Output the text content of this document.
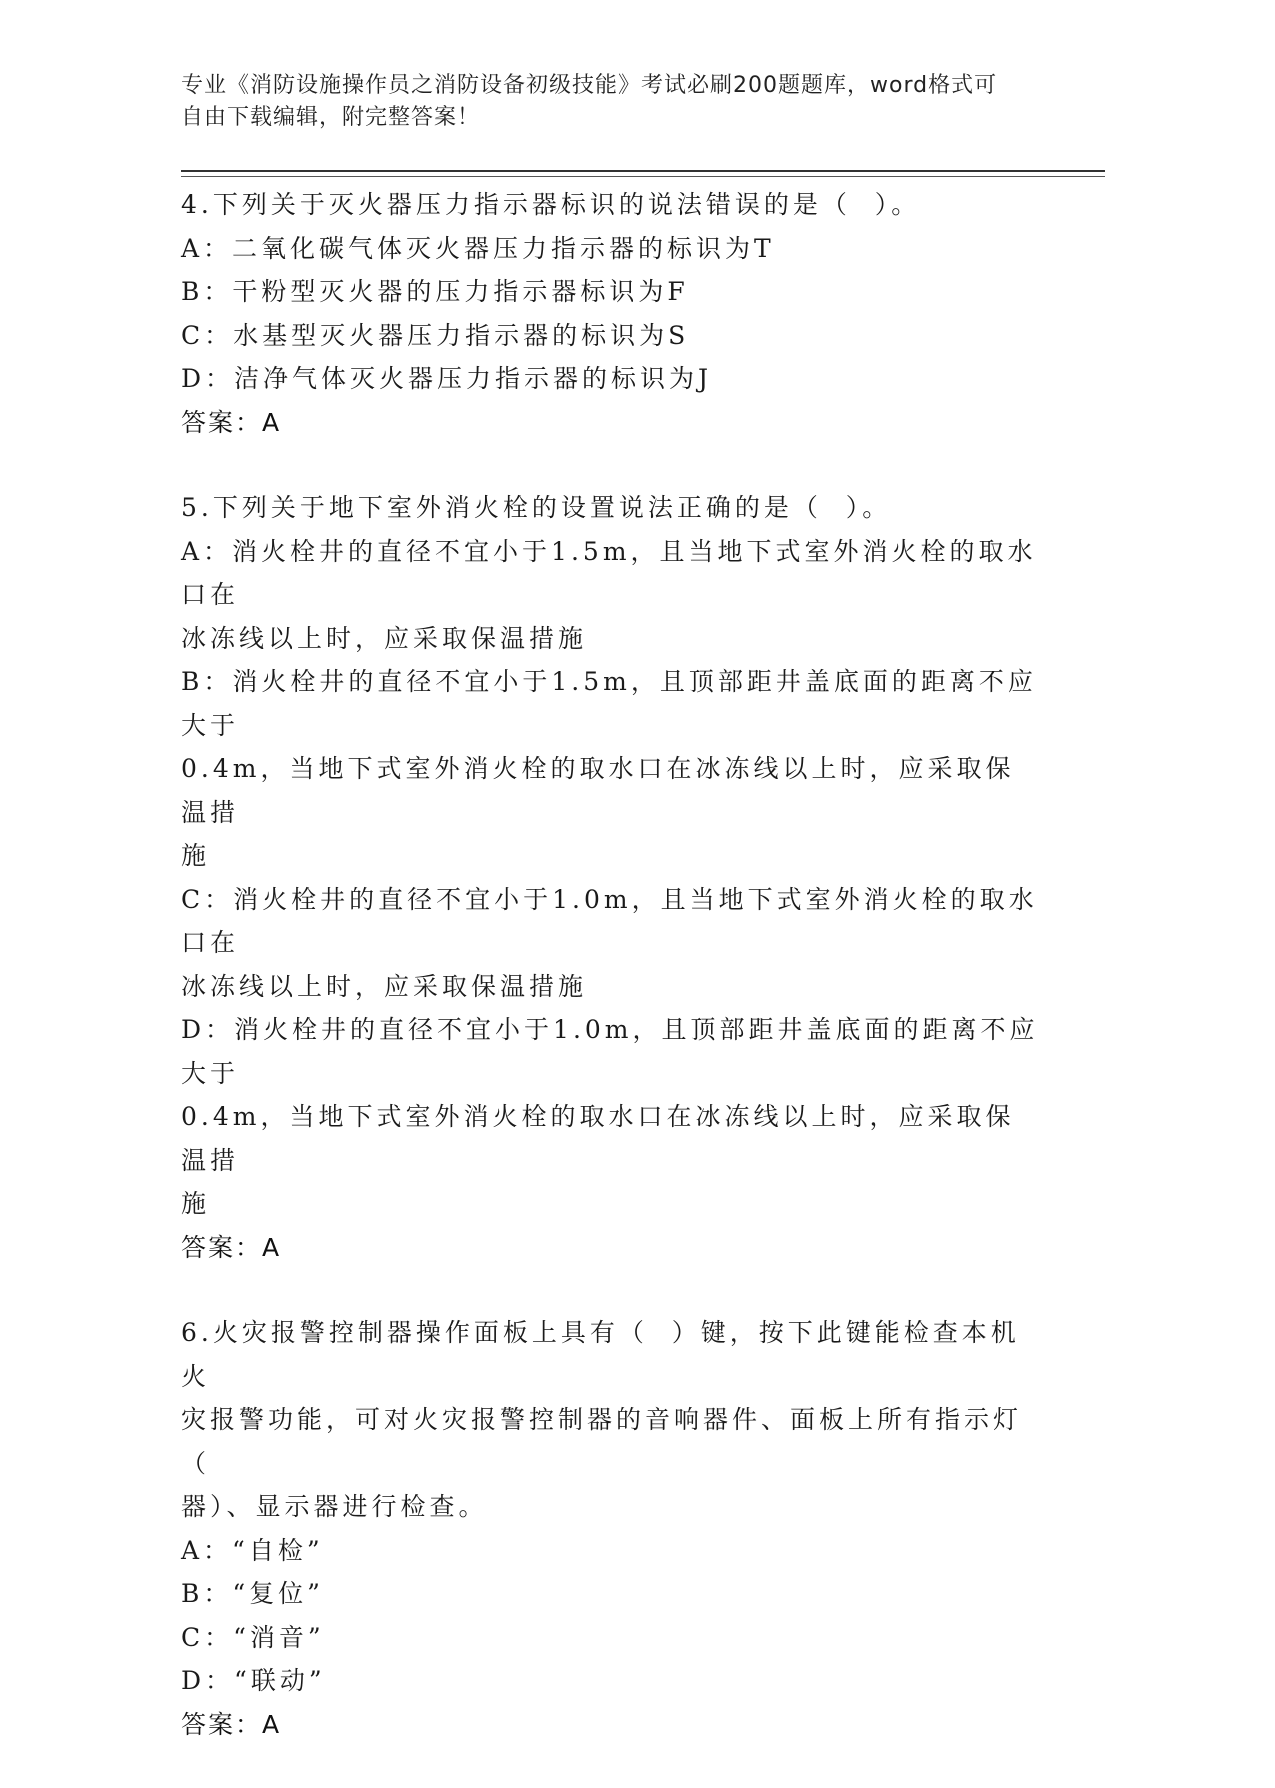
专业《消防设施操作员之消防设备初级技能》考试必刷200题题库，word格式可
自由下载编辑，附完整答案！
4.下列关于灭火器压力指示器标识的说法错误的是（  ）。
A：二氧化碳气体灭火器压力指示器的标识为T
B：干粉型灭火器的压力指示器标识为F
C：水基型灭火器压力指示器的标识为S
D：洁净气体灭火器压力指示器的标识为J
答案：A
5.下列关于地下室外消火栓的设置说法正确的是（  ）。
A：消火栓井的直径不宜小于1.5m，且当地下式室外消火栓的取水口在
冰冻线以上时，应采取保温措施
B：消火栓井的直径不宜小于1.5m，且顶部距井盖底面的距离不应大于
0.4m，当地下式室外消火栓的取水口在冰冻线以上时，应采取保温措
施
C：消火栓井的直径不宜小于1.0m，且当地下式室外消火栓的取水口在
冰冻线以上时，应采取保温措施
D：消火栓井的直径不宜小于1.0m，且顶部距井盖底面的距离不应大于
0.4m，当地下式室外消火栓的取水口在冰冻线以上时，应采取保温措
施
答案：A
6.火灾报警控制器操作面板上具有（  ）键，按下此键能检查本机火
灾报警功能，可对火灾报警控制器的音响器件、面板上所有指示灯（
器）、显示器进行检查。
A：“自检”
B：“复位”
C：“消音”
D：“联动”
答案：A
